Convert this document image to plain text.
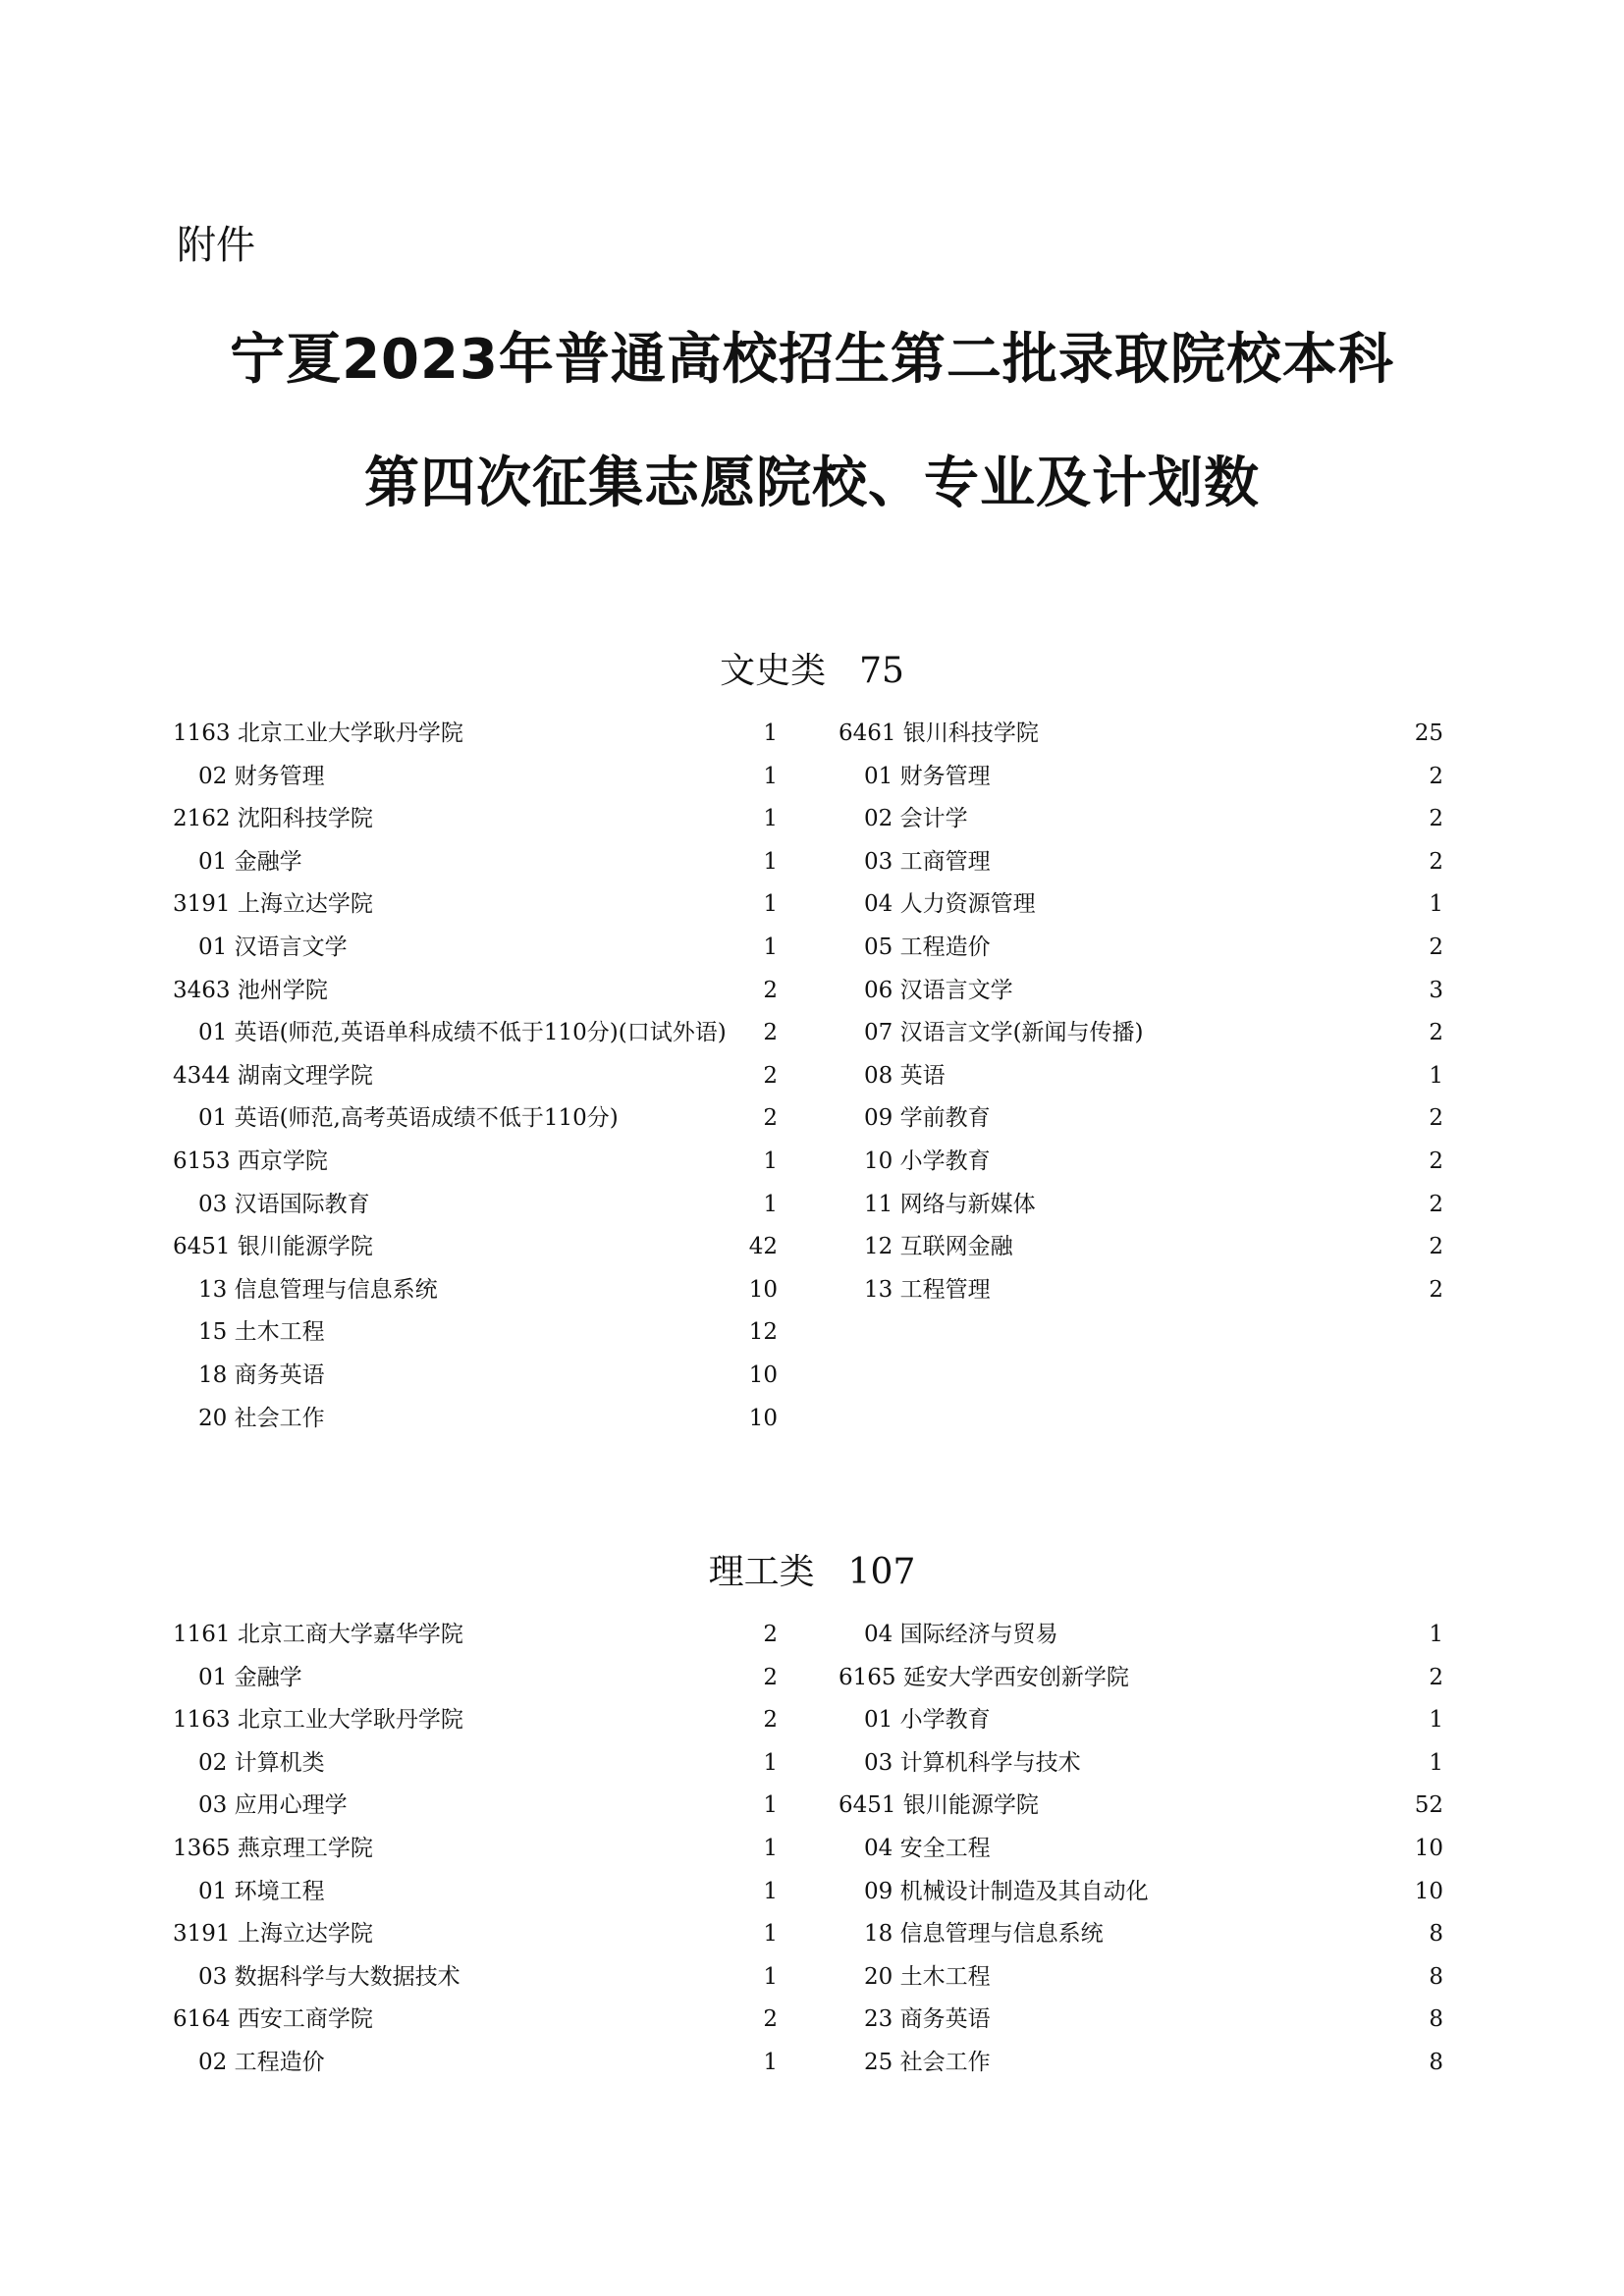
附件
宁夏2023年普通高校招生第二批录取院校本科
第四次征集志愿院校、专业及计划数
文史类 75
1163 北京工业大学耿丹学院	1
02 财务管理	1
2162 沈阳科技学院	1
01 金融学	1
3191 上海立达学院	1
01 汉语言文学	1
3463 池州学院	2
01 英语(师范,英语单科成绩不低于110分)(口试外语)	2
4344 湖南文理学院	2
01 英语(师范,高考英语成绩不低于110分)	2
6153 西京学院	1
03 汉语国际教育	1
6451 银川能源学院	42
13 信息管理与信息系统	10
15 土木工程	12
18 商务英语	10
20 社会工作	10
6461 银川科技学院	25
01 财务管理	2
02 会计学	2
03 工商管理	2
04 人力资源管理	1
05 工程造价	2
06 汉语言文学	3
07 汉语言文学(新闻与传播)	2
08 英语	1
09 学前教育	2
10 小学教育	2
11 网络与新媒体	2
12 互联网金融	2
13 工程管理	2
理工类 107
1161 北京工商大学嘉华学院	2
01 金融学	2
1163 北京工业大学耿丹学院	2
02 计算机类	1
03 应用心理学	1
1365 燕京理工学院	1
01 环境工程	1
3191 上海立达学院	1
03 数据科学与大数据技术	1
6164 西安工商学院	2
02 工程造价	1
04 国际经济与贸易	1
6165 延安大学西安创新学院	2
01 小学教育	1
03 计算机科学与技术	1
6451 银川能源学院	52
04 安全工程	10
09 机械设计制造及其自动化	10
18 信息管理与信息系统	8
20 土木工程	8
23 商务英语	8
25 社会工作	8
